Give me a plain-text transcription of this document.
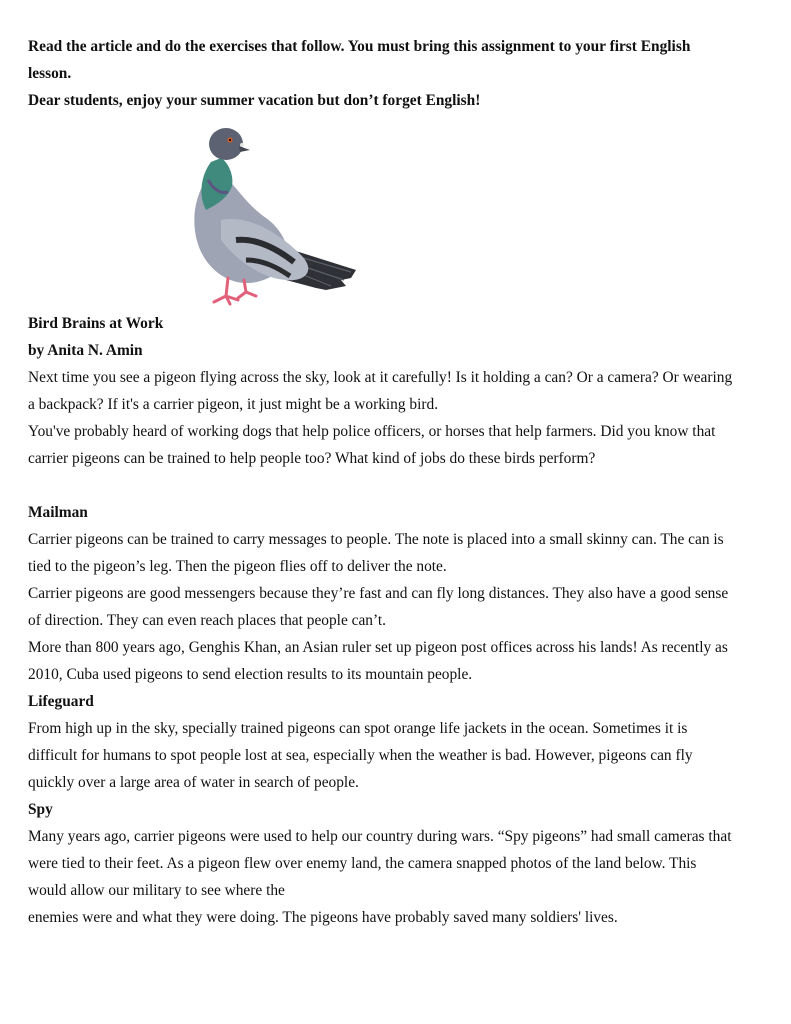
Read the article and do the exercises that follow. You must bring this assignment to your first English

lesson.

Dear students, enjoy your summer vacation but don’t forget English!

Bird Brains at Work

by Anita N. Amin

Next time you see a pigeon flying across the sky, look at it carefully! Is it holding a can? Or a camera? Or wearing

a backpack? If it's a carrier pigeon, it just might be a working bird.

You've probably heard of working dogs that help police officers, or horses that help farmers. Did you know that

carrier pigeons can be trained to help people too? What kind of jobs do these birds perform?

Mailman

Carrier pigeons can be trained to carry messages to people. The note is placed into a small skinny can. The can is

tied to the pigeon’s leg. Then the pigeon flies off to deliver the note.

Carrier pigeons are good messengers because they’re fast and can fly long distances. They also have a good sense

of direction. They can even reach places that people can’t.

More than 800 years ago, Genghis Khan, an Asian ruler set up pigeon post offices across his lands! As recently as

2010, Cuba used pigeons to send election results to its mountain people.

Lifeguard

From high up in the sky, specially trained pigeons can spot orange life jackets in the ocean. Sometimes it is

difficult for humans to spot people lost at sea, especially when the weather is bad. However, pigeons can fly

quickly over a large area of water in search of people.

Spy

Many years ago, carrier pigeons were used to help our country during wars. “Spy pigeons” had small cameras that

were tied to their feet. As a pigeon flew over enemy land, the camera snapped photos of the land below. This

would allow our military to see where the

enemies were and what they were doing. The pigeons have probably saved many soldiers' lives.
